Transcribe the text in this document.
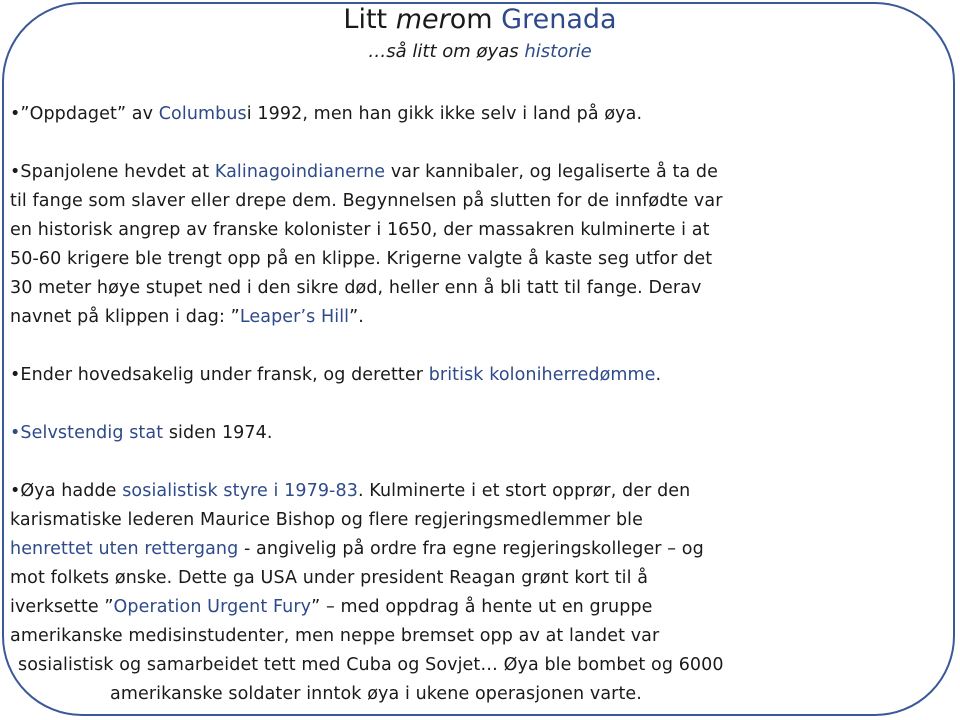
Litt merom Grenada
…så litt om øyas historie
•”Oppdaget” av Columbusi 1992, men han gikk ikke selv i land på øya.
•Spanjolene hevdet at Kalinagoindianerne var kannibaler, og legaliserte å ta de
til fange som slaver eller drepe dem. Begynnelsen på slutten for de innfødte var
en historisk angrep av franske kolonister i 1650, der massakren kulminerte i at
50-60 krigere ble trengt opp på en klippe. Krigerne valgte å kaste seg utfor det
30 meter høye stupet ned i den sikre død, heller enn å bli tatt til fange. Derav
navnet på klippen i dag: ”Leaper’s Hill”.
•Ender hovedsakelig under fransk, og deretter britisk koloniherredømme.
•Selvstendig stat siden 1974.
•Øya hadde sosialistisk styre i 1979-83. Kulminerte i et stort opprør, der den
karismatiske lederen Maurice Bishop og flere regjeringsmedlemmer ble
henrettet uten rettergang - angivelig på ordre fra egne regjeringskolleger – og
mot folkets ønske. Dette ga USA under president Reagan grønt kort til å
iverksette ”Operation Urgent Fury” – med oppdrag å hente ut en gruppe
amerikanske medisinstudenter, men neppe bremset opp av at landet var
sosialistisk og samarbeidet tett med Cuba og Sovjet… Øya ble bombet og 6000
amerikanske soldater inntok øya i ukene operasjonen varte.
